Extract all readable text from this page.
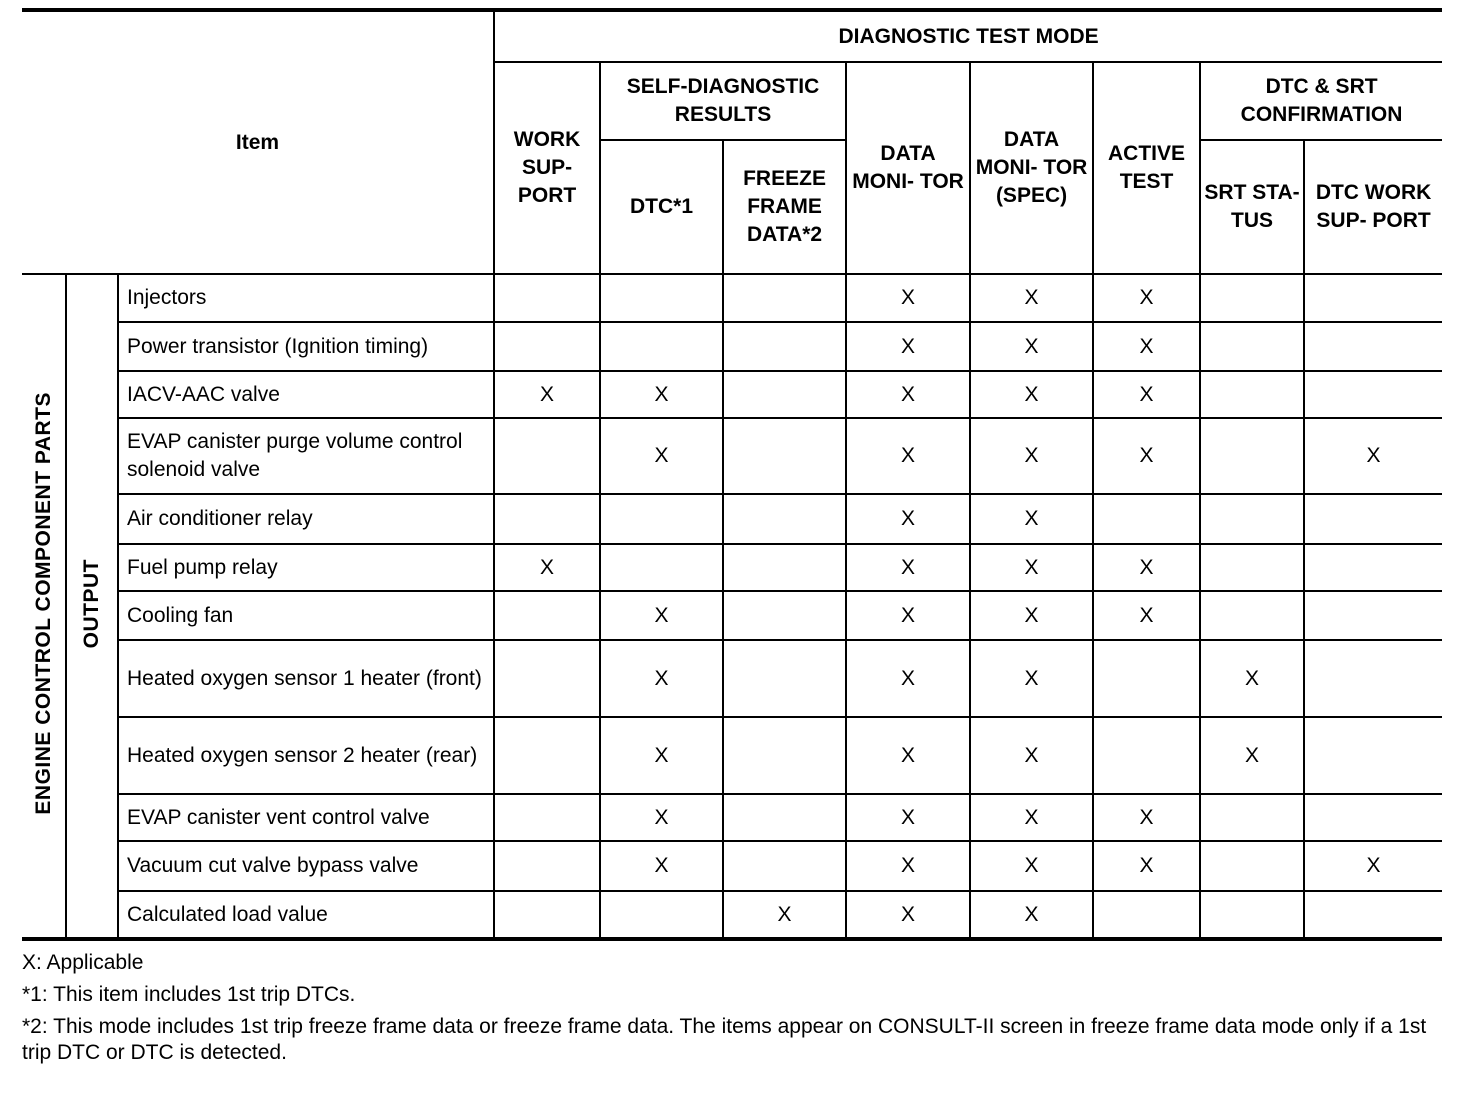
Item			DIAGNOSTIC TEST MODE							
			WORK SUP- PORT	SELF-DIAGNOSTIC RESULTS		DATA MONI- TOR	DATA MONI- TOR (SPEC)	ACTIVE TEST	DTC & SRT CONFIRMATION	
				DTC*1	FREEZE FRAME DATA*2				SRT STA- TUS	DTC WORK SUP- PORT
ENGINE CONTROL COMPONENT PARTS	OUTPUT	Injectors				X	X	X		
		Power transistor (Ignition timing)				X	X	X		
		IACV-AAC valve	X	X		X	X	X		
		EVAP canister purge volume control solenoid valve		X		X	X	X		X
		Air conditioner relay				X	X			
		Fuel pump relay	X			X	X	X		
		Cooling fan		X		X	X	X		
		Heated oxygen sensor 1 heater (front)		X		X	X		X	
		Heated oxygen sensor 2 heater (rear)		X		X	X		X	
		EVAP canister vent control valve		X		X	X	X		
		Vacuum cut valve bypass valve		X		X	X	X		X
		Calculated load value			X	X	X			
X: Applicable
*1: This item includes 1st trip DTCs.
*2: This mode includes 1st trip freeze frame data or freeze frame data. The items appear on CONSULT-II screen in freeze frame data mode only if a 1st trip DTC or DTC is detected.
